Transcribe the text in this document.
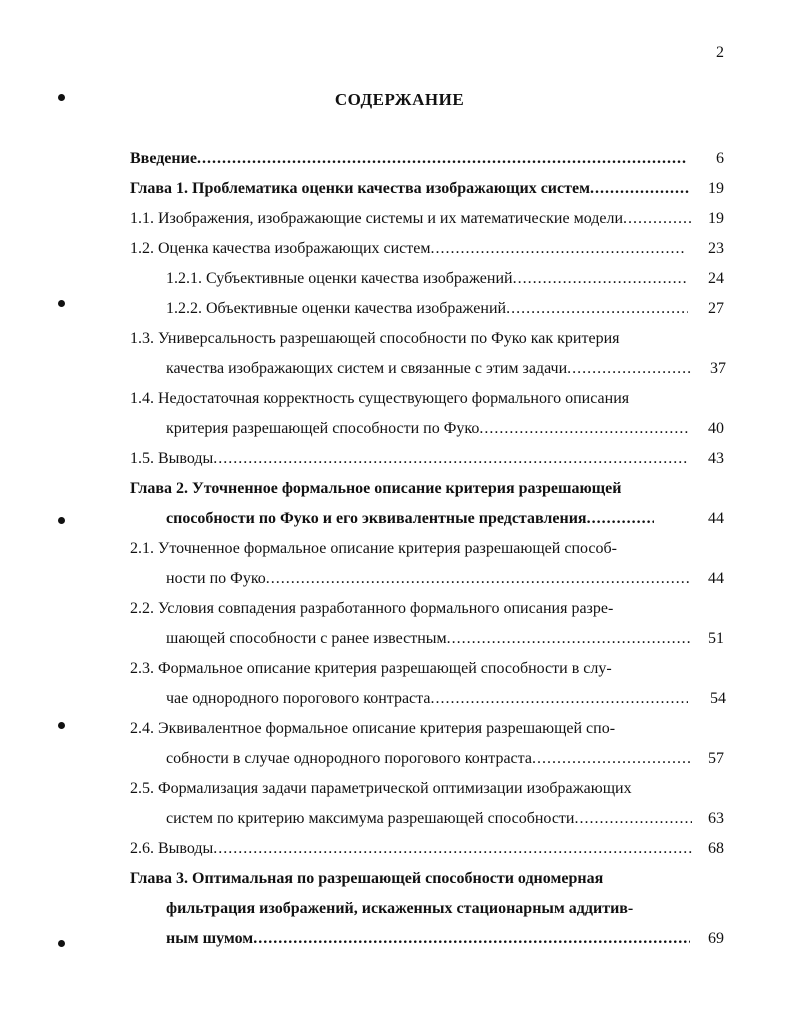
2
СОДЕРЖАНИЕ
Введение .....	6
Глава 1. Проблематика оценки качества изображающих систем .....	19
1.1. Изображения, изображающие системы и их математические модели .....	19
1.2. Оценка качества изображающих систем .....	23
1.2.1. Субъективные оценки качества изображений .....	24
1.2.2. Объективные оценки качества изображений .....	27
1.3. Универсальность разрешающей способности по Фуко как критерия
качества изображающих систем и связанные с этим задачи .....	37
1.4. Недостаточная корректность существующего формального описания
критерия разрешающей способности по Фуко .....	40
1.5. Выводы .....	43
Глава 2. Уточненное формальное описание критерия разрешающей
способности по Фуко и его эквивалентные представления .....	44
2.1. Уточненное формальное описание критерия разрешающей способ-
ности по Фуко .....	44
2.2. Условия совпадения разработанного формального описания разре-
шающей способности с ранее известным .....	51
2.3. Формальное описание критерия разрешающей способности в слу-
чае однородного порогового контраста .....	54
2.4. Эквивалентное формальное описание критерия разрешающей спо-
собности в случае однородного порогового контраста .....	57
2.5. Формализация задачи параметрической оптимизации изображающих
систем по критерию максимума разрешающей способности .....	63
2.6. Выводы .....	68
Глава 3. Оптимальная по разрешающей способности одномерная
фильтрация изображений, искаженных стационарным аддитив-
ным шумом .....	69
